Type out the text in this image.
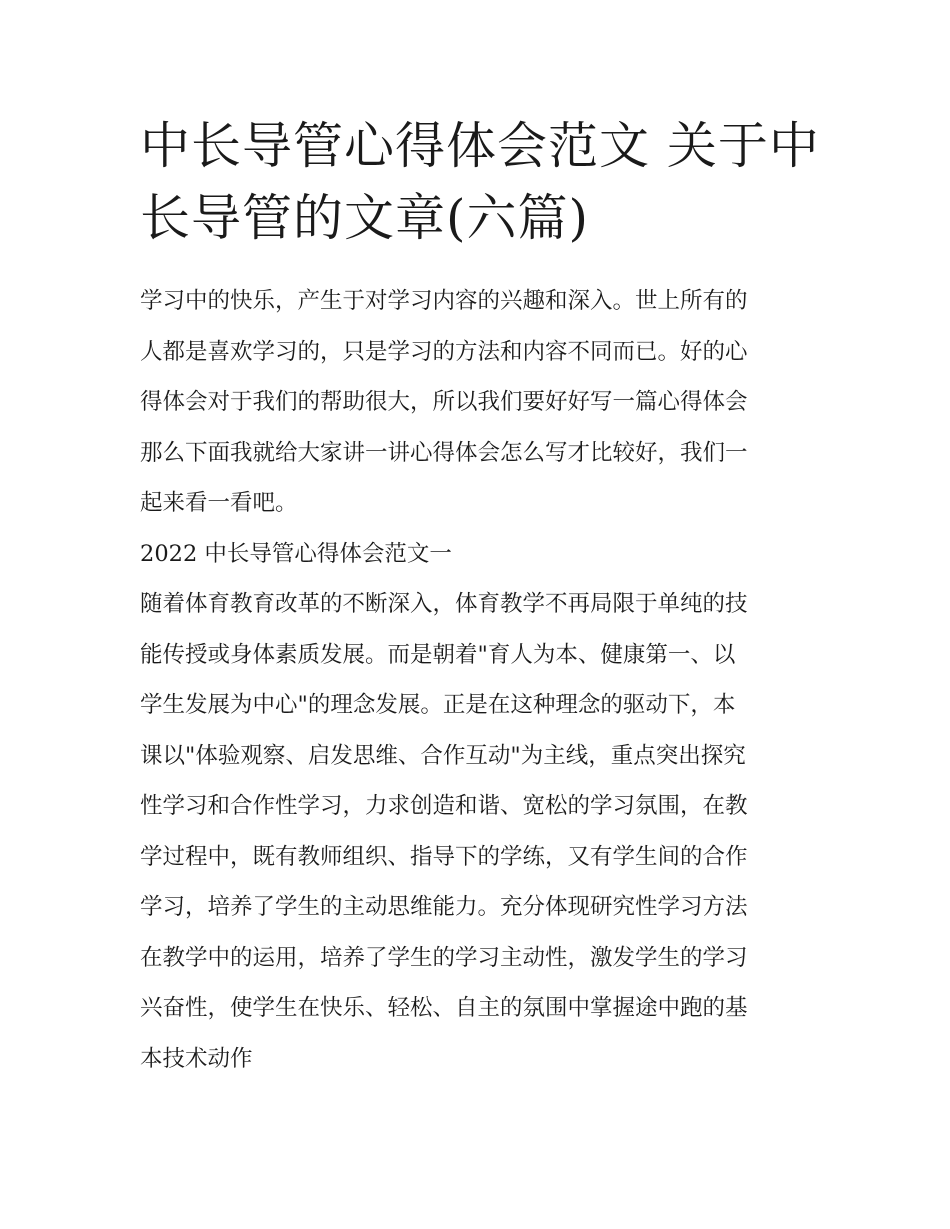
中长导管心得体会范文 关于中
长导管的文章(六篇)

学习中的快乐，产生于对学习内容的兴趣和深入。世上所有的
人都是喜欢学习的，只是学习的方法和内容不同而已。好的心
得体会对于我们的帮助很大，所以我们要好好写一篇心得体会
那么下面我就给大家讲一讲心得体会怎么写才比较好，我们一
起来看一看吧。

2022 中长导管心得体会范文一

随着体育教育改革的不断深入，体育教学不再局限于单纯的技
能传授或身体素质发展。而是朝着"育人为本、健康第一、以
学生发展为中心"的理念发展。正是在这种理念的驱动下，本
课以"体验观察、启发思维、合作互动"为主线，重点突出探究
性学习和合作性学习，力求创造和谐、宽松的学习氛围，在教
学过程中，既有教师组织、指导下的学练，又有学生间的合作
学习，培养了学生的主动思维能力。充分体现研究性学习方法
在教学中的运用，培养了学生的学习主动性，激发学生的学习
兴奋性，使学生在快乐、轻松、自主的氛围中掌握途中跑的基
本技术动作
